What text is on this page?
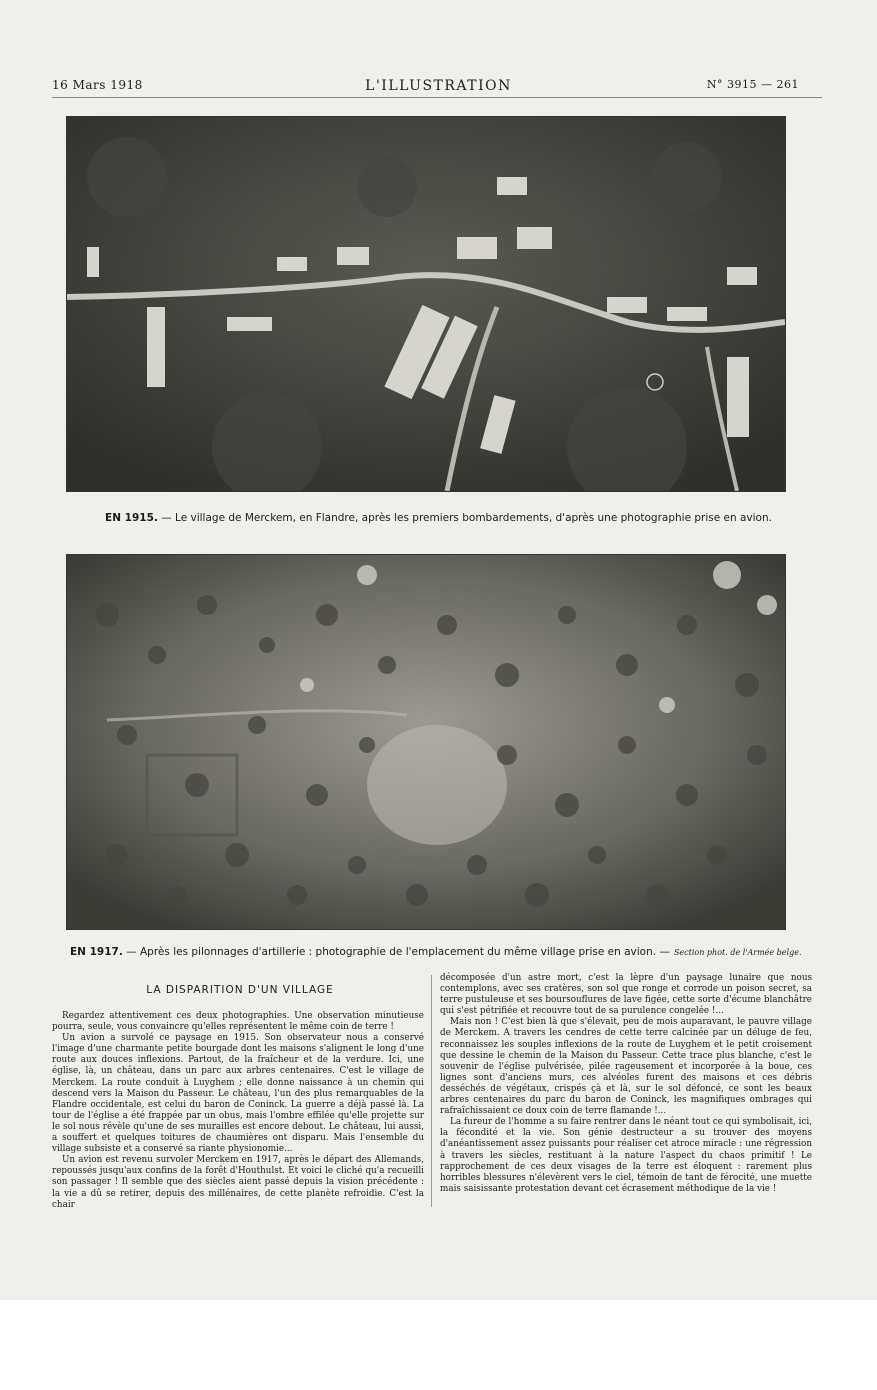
16 Mars 1918	L'ILLUSTRATION	N° 3915 — 261
EN 1915. — Le village de Merckem, en Flandre, après les premiers bombardements, d'après une photographie prise en avion.
EN 1917. — Après les pilonnages d'artillerie : photographie de l'emplacement du même village prise en avion. — Section phot. de l'Armée belge.
LA DISPARITION D'UN VILLAGE

Regardez attentivement ces deux photographies. Une observation minutieuse pourra, seule, vous convaincre qu'elles représentent le même coin de terre !

Un avion a survolé ce paysage en 1915. Son observateur nous a conservé l'image d'une charmante petite bourgade dont les maisons s'alignent le long d'une route aux douces inflexions. Partout, de la fraîcheur et de la verdure. Ici, une église, là, un château, dans un parc aux arbres centenaires. C'est le village de Merckem. La route conduit à Luyghem ; elle donne naissance à un chemin qui descend vers la Maison du Passeur. Le château, l'un des plus remarquables de la Flandre occidentale, est celui du baron de Coninck. La guerre a déjà passé là. La tour de l'église a été frappée par un obus, mais l'ombre effilée qu'elle projette sur le sol nous révèle qu'une de ses murailles est encore debout. Le château, lui aussi, a souffert et quelques toitures de chaumières ont disparu. Mais l'ensemble du village subsiste et a conservé sa riante physionomie...

Un avion est revenu survoler Merckem en 1917, après le départ des Allemands, repoussés jusqu'aux confins de la forêt d'Houthulst. Et voici le cliché qu'a recueilli son passager ! Il semble que des siècles aient passé depuis la vision précédente : la vie a dû se retirer, depuis des millénaires, de cette planète refroidie. C'est la chair

décomposée d'un astre mort, c'est la lèpre d'un paysage lunaire que nous contemplons, avec ses cratères, son sol que ronge et corrode un poison secret, sa terre pustuleuse et ses boursouflures de lave figée, cette sorte d'écume blanchâtre qui s'est pétrifiée et recouvre tout de sa purulence congelée !...

Mais non ! C'est bien là que s'élevait, peu de mois auparavant, le pauvre village de Merckem. A travers les cendres de cette terre calcinée par un déluge de feu, reconnaissez les souples inflexions de la route de Luyghem et le petit croisement que dessine le chemin de la Maison du Passeur. Cette trace plus blanche, c'est le souvenir de l'église pulvérisée, pilée rageusement et incorporée à la boue, ces lignes sont d'anciens murs, ces alvéoles furent des maisons et ces débris desséchés de végétaux, crispés çà et là, sur le sol défoncé, ce sont les beaux arbres centenaires du parc du baron de Coninck, les magnifiques ombrages qui rafraîchissaient ce doux coin de terre flamande !...

La fureur de l'homme a su faire rentrer dans le néant tout ce qui symbolisait, ici, la fécondité et la vie. Son génie destructeur a su trouver des moyens d'anéantissement assez puissants pour réaliser cet atroce miracle : une régression à travers les siècles, restituant à la nature l'aspect du chaos primitif ! Le rapprochement de ces deux visages de la terre est éloquent : rarement plus horribles blessures n'élevèrent vers le ciel, témoin de tant de férocité, une muette mais saisissante protestation devant cet écrasement méthodique de la vie !
